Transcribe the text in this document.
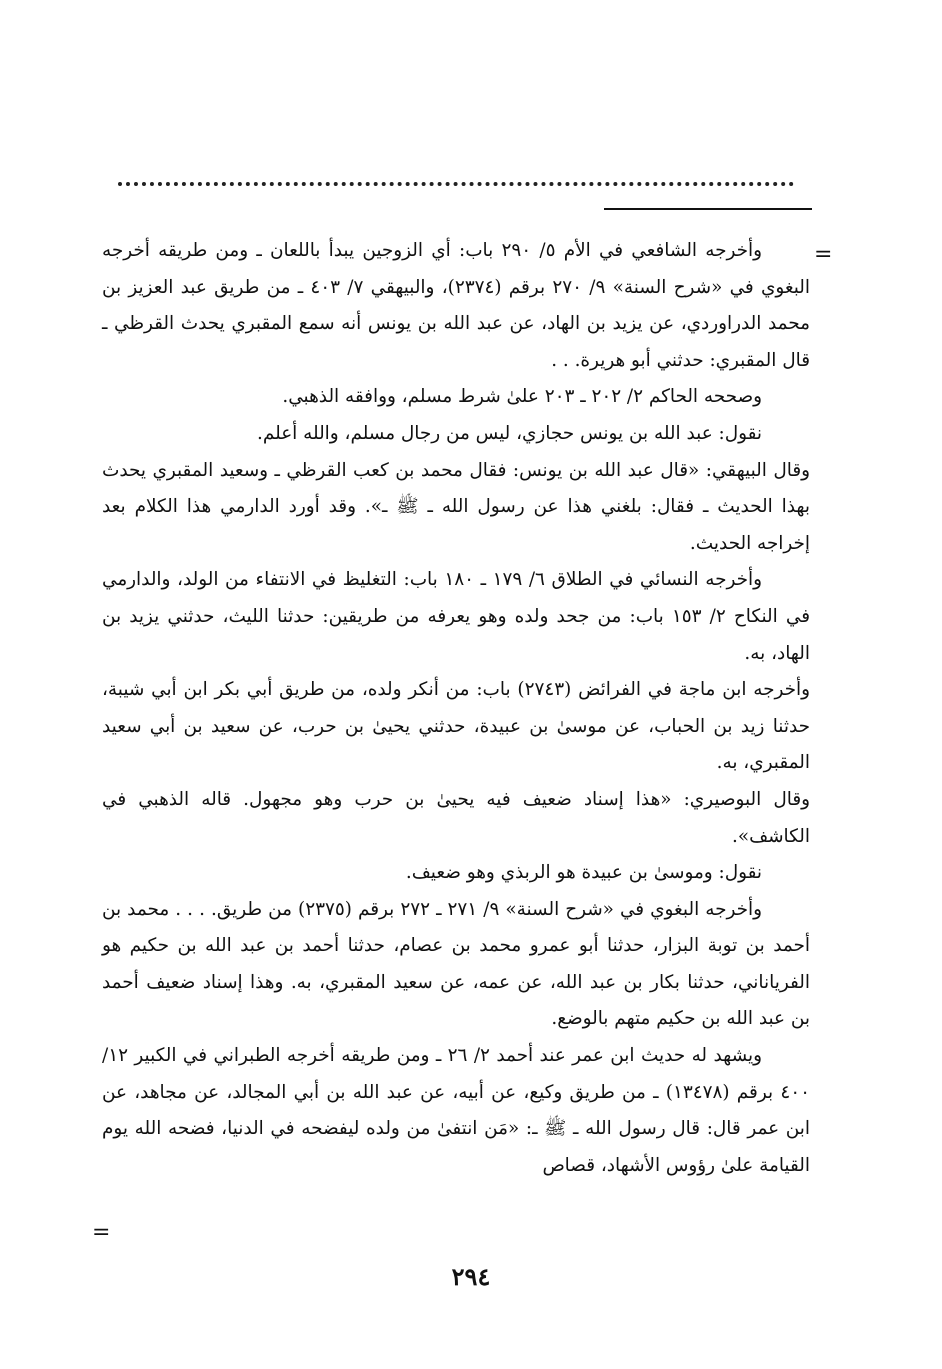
=

وأخرجه الشافعي في الأم ٥/ ٢٩٠ باب: أي الزوجين يبدأ باللعان ـ ومن طريقه أخرجه البغوي في «شرح السنة» ٩/ ٢٧٠ برقم (٢٣٧٤)، والبيهقي ٧/ ٤٠٣ ـ من طريق عبد العزيز بن محمد الدراوردي، عن يزيد بن الهاد، عن عبد الله بن يونس أنه سمع المقبري يحدث القرظي ـ قال المقبري: حدثني أبو هريرة. . .

وصححه الحاكم ٢/ ٢٠٢ ـ ٢٠٣ علىٰ شرط مسلم، ووافقه الذهبي.

نقول: عبد الله بن يونس حجازي، ليس من رجال مسلم، والله أعلم.

وقال البيهقي: «قال عبد الله بن يونس: فقال محمد بن كعب القرظي ـ وسعيد المقبري يحدث بهذا الحديث ـ فقال: بلغني هذا عن رسول الله ـ ﷺ ـ». وقد أورد الدارمي هذا الكلام بعد إخراجه الحديث.

وأخرجه النسائي في الطلاق ٦/ ١٧٩ ـ ١٨٠ باب: التغليظ في الانتفاء من الولد، والدارمي في النكاح ٢/ ١٥٣ باب: من جحد ولده وهو يعرفه من طريقين: حدثنا الليث، حدثني يزيد بن الهاد، به.

وأخرجه ابن ماجة في الفرائض (٢٧٤٣) باب: من أنكر ولده، من طريق أبي بكر ابن أبي شيبة، حدثنا زيد بن الحباب، عن موسىٰ بن عبيدة، حدثني يحيىٰ بن حرب، عن سعيد بن أبي سعيد المقبري، به.

وقال البوصيري: «هذا إسناد ضعيف فيه يحيىٰ بن حرب وهو مجهول. قاله الذهبي في الكاشف».

نقول: وموسىٰ بن عبيدة هو الربذي وهو ضعيف.

وأخرجه البغوي في «شرح السنة» ٩/ ٢٧١ ـ ٢٧٢ برقم (٢٣٧٥) من طريق. . . . محمد بن أحمد بن توبة البزار، حدثنا أبو عمرو محمد بن عصام، حدثنا أحمد بن عبد الله بن حكيم هو الفرياناني، حدثنا بكار بن عبد الله، عن عمه، عن سعيد المقبري، به. وهذا إسناد ضعيف أحمد بن عبد الله بن حكيم متهم بالوضع.

ويشهد له حديث ابن عمر عند أحمد ٢/ ٢٦ ـ ومن طريقه أخرجه الطبراني في الكبير ١٢/ ٤٠٠ برقم (١٣٤٧٨) ـ من طريق وكيع، عن أبيه، عن عبد الله بن أبي المجالد، عن مجاهد، عن ابن عمر قال: قال رسول الله ـ ﷺ ـ: «مَن انتفىٰ من ولده ليفضحه في الدنيا، فضحه الله يوم القيامة علىٰ رؤوس الأشهاد، قصاص

=
٢٩٤
